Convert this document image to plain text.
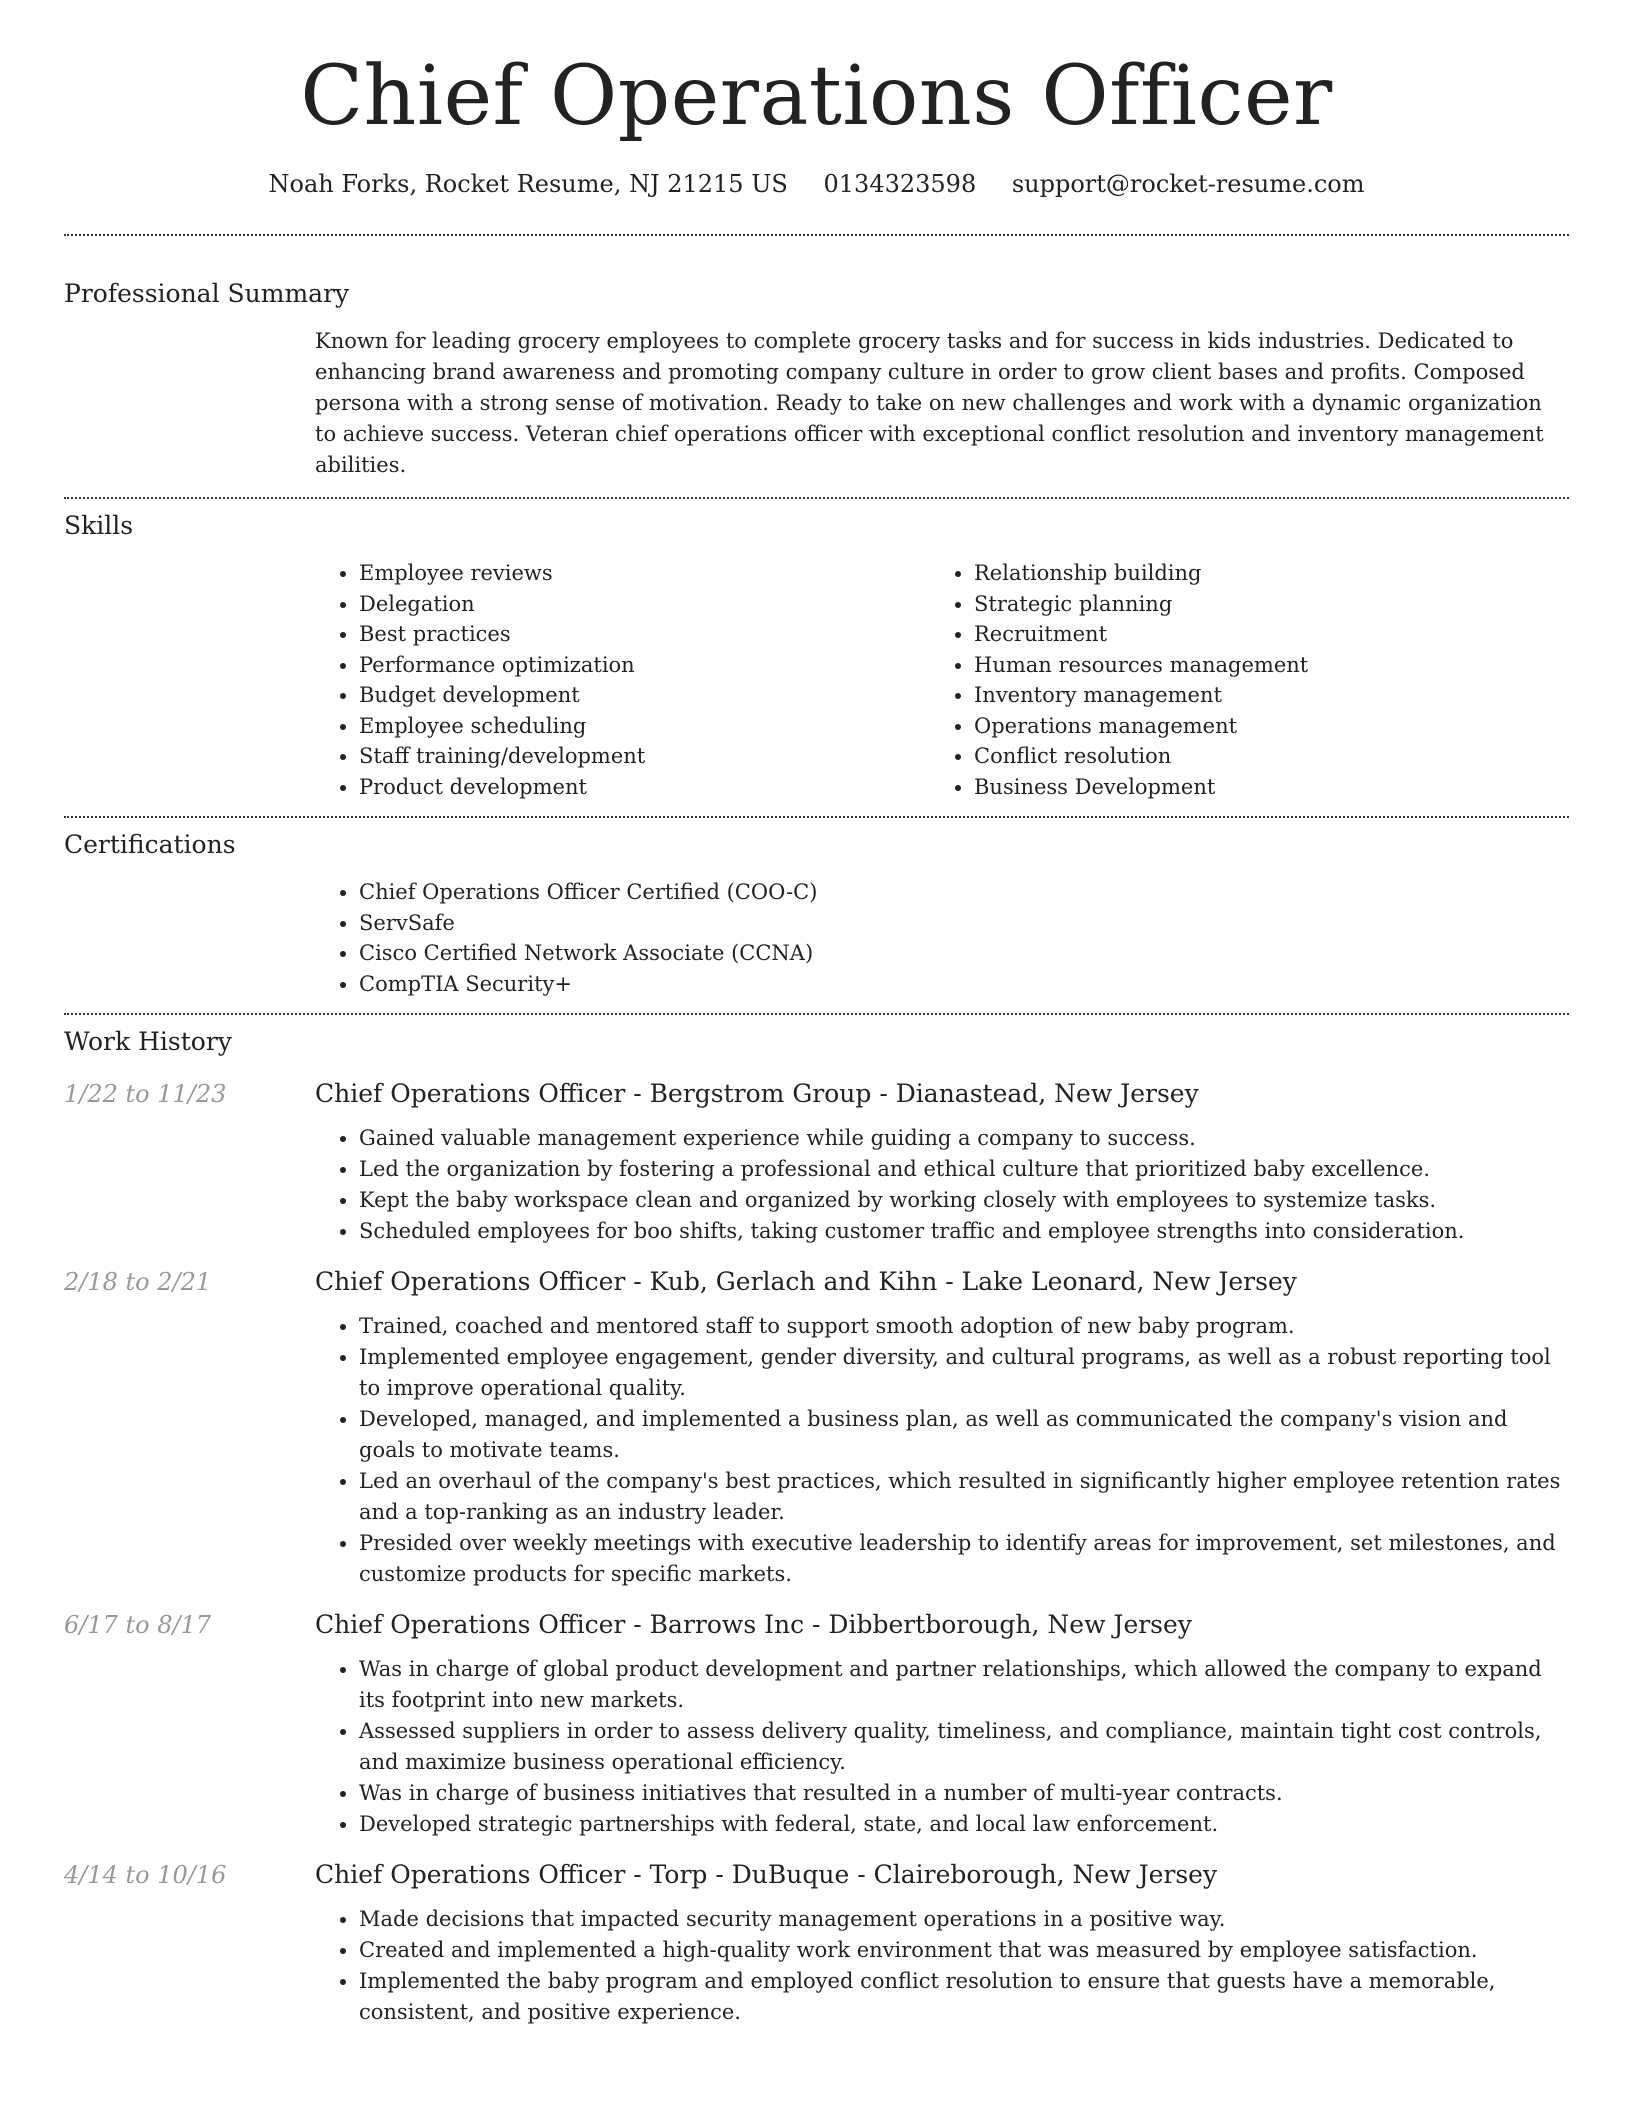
Chief Operations Officer
Noah Forks, Rocket Resume, NJ 21215 US 0134323598 support@rocket-resume.com
Professional Summary
Known for leading grocery employees to complete grocery tasks and for success in kids industries. Dedicated to enhancing brand awareness and promoting company culture in order to grow client bases and profits. Composed persona with a strong sense of motivation. Ready to take on new challenges and work with a dynamic organization to achieve success. Veteran chief operations officer with exceptional conflict resolution and inventory management abilities.
Skills
• Employee reviews
• Delegation
• Best practices
• Performance optimization
• Budget development
• Employee scheduling
• Staff training/development
• Product development
• Relationship building
• Strategic planning
• Recruitment
• Human resources management
• Inventory management
• Operations management
• Conflict resolution
• Business Development
Certifications
• Chief Operations Officer Certified (COO-C)
• ServSafe
• Cisco Certified Network Associate (CCNA)
• CompTIA Security+
Work History
1/22 to 11/23	Chief Operations Officer - Bergstrom Group - Dianastead, New Jersey
• Gained valuable management experience while guiding a company to success.
• Led the organization by fostering a professional and ethical culture that prioritized baby excellence.
• Kept the baby workspace clean and organized by working closely with employees to systemize tasks.
• Scheduled employees for boo shifts, taking customer traffic and employee strengths into consideration.
2/18 to 2/21	Chief Operations Officer - Kub, Gerlach and Kihn - Lake Leonard, New Jersey
• Trained, coached and mentored staff to support smooth adoption of new baby program.
• Implemented employee engagement, gender diversity, and cultural programs, as well as a robust reporting tool to improve operational quality.
• Developed, managed, and implemented a business plan, as well as communicated the company's vision and goals to motivate teams.
• Led an overhaul of the company's best practices, which resulted in significantly higher employee retention rates and a top-ranking as an industry leader.
• Presided over weekly meetings with executive leadership to identify areas for improvement, set milestones, and customize products for specific markets.
6/17 to 8/17	Chief Operations Officer - Barrows Inc - Dibbertborough, New Jersey
• Was in charge of global product development and partner relationships, which allowed the company to expand its footprint into new markets.
• Assessed suppliers in order to assess delivery quality, timeliness, and compliance, maintain tight cost controls, and maximize business operational efficiency.
• Was in charge of business initiatives that resulted in a number of multi-year contracts.
• Developed strategic partnerships with federal, state, and local law enforcement.
4/14 to 10/16	Chief Operations Officer - Torp - DuBuque - Claireborough, New Jersey
• Made decisions that impacted security management operations in a positive way.
• Created and implemented a high-quality work environment that was measured by employee satisfaction.
• Implemented the baby program and employed conflict resolution to ensure that guests have a memorable, consistent, and positive experience.
